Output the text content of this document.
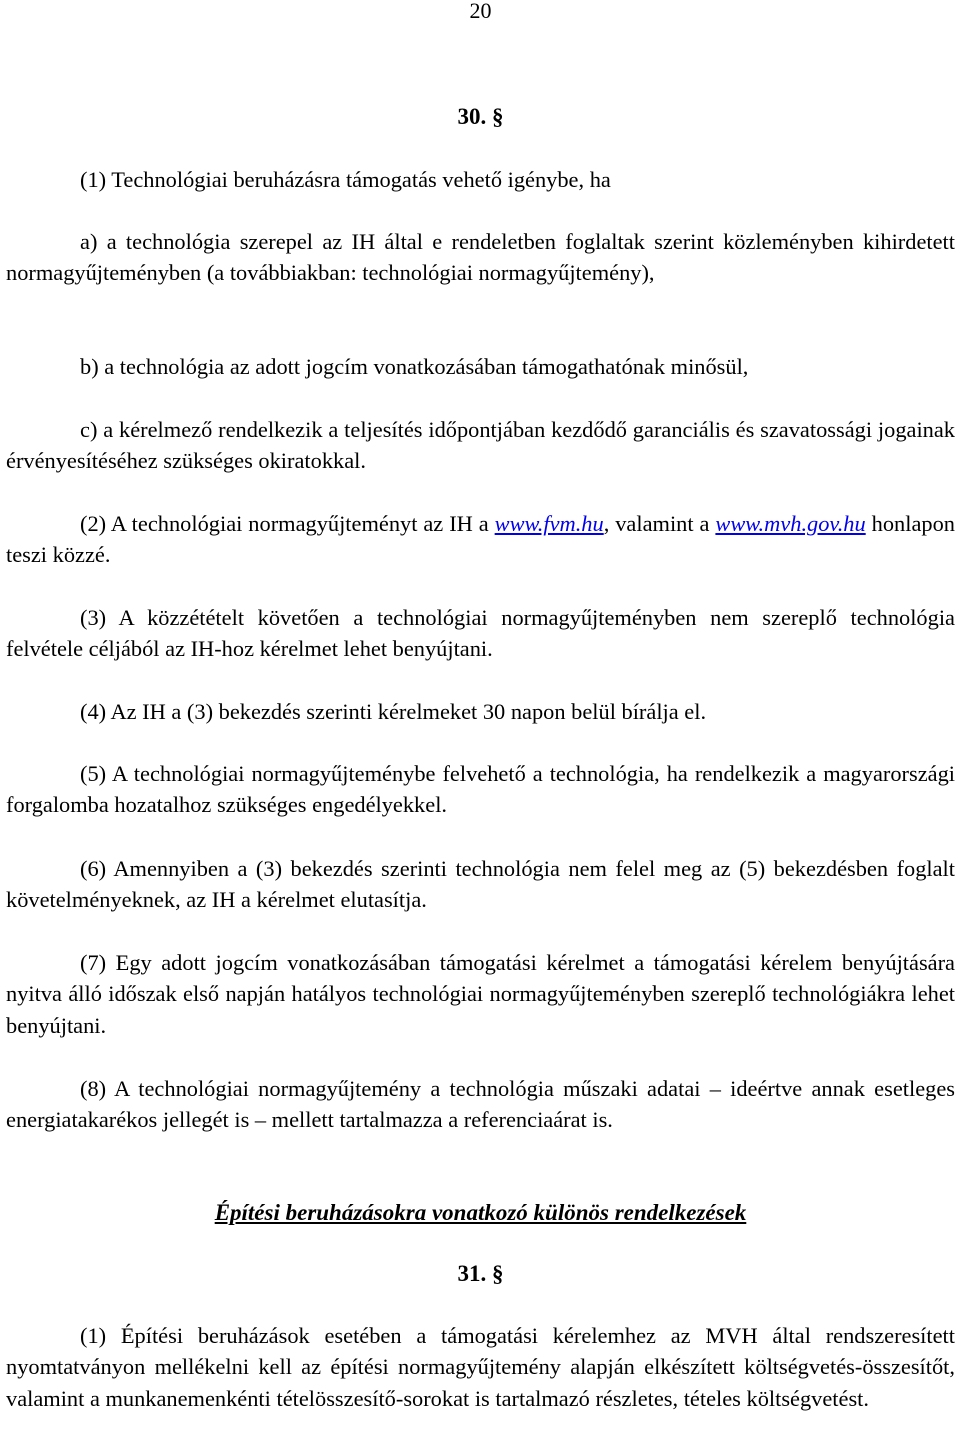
20

30. §

(1) Technológiai beruházásra támogatás vehető igénybe, ha

a) a technológia szerepel az IH által e rendeletben foglaltak szerint közleményben kihirdetett normagyűjteményben (a továbbiakban: technológiai normagyűjtemény),

b) a technológia az adott jogcím vonatkozásában támogathatónak minősül,

c) a kérelmező rendelkezik a teljesítés időpontjában kezdődő garanciális és szavatossági jogainak érvényesítéséhez szükséges okiratokkal.

(2) A technológiai normagyűjteményt az IH a www.fvm.hu, valamint a www.mvh.gov.hu honlapon teszi közzé.

(3) A közzétételt követően a technológiai normagyűjteményben nem szereplő technológia felvétele céljából az IH-hoz kérelmet lehet benyújtani.

(4) Az IH a (3) bekezdés szerinti kérelmeket 30 napon belül bírálja el.

(5) A technológiai normagyűjteménybe felvehető a technológia, ha rendelkezik a magyarországi forgalomba hozatalhoz szükséges engedélyekkel.

(6) Amennyiben a (3) bekezdés szerinti technológia nem felel meg az (5) bekezdésben foglalt követelményeknek, az IH a kérelmet elutasítja.

(7) Egy adott jogcím vonatkozásában támogatási kérelmet a támogatási kérelem benyújtására nyitva álló időszak első napján hatályos technológiai normagyűjteményben szereplő technológiákra lehet benyújtani.

(8) A technológiai normagyűjtemény a technológia műszaki adatai – ideértve annak esetleges energiatakarékos jellegét is – mellett tartalmazza a referenciaárat is.

Építési beruházásokra vonatkozó különös rendelkezések

31. §

(1) Építési beruházások esetében a támogatási kérelemhez az MVH által rendszeresített nyomtatványon mellékelni kell az építési normagyűjtemény alapján elkészített költségvetés-összesítőt, valamint a munkanemenkénti tételösszesítő-sorokat is tartalmazó részletes, tételes költségvetést.
